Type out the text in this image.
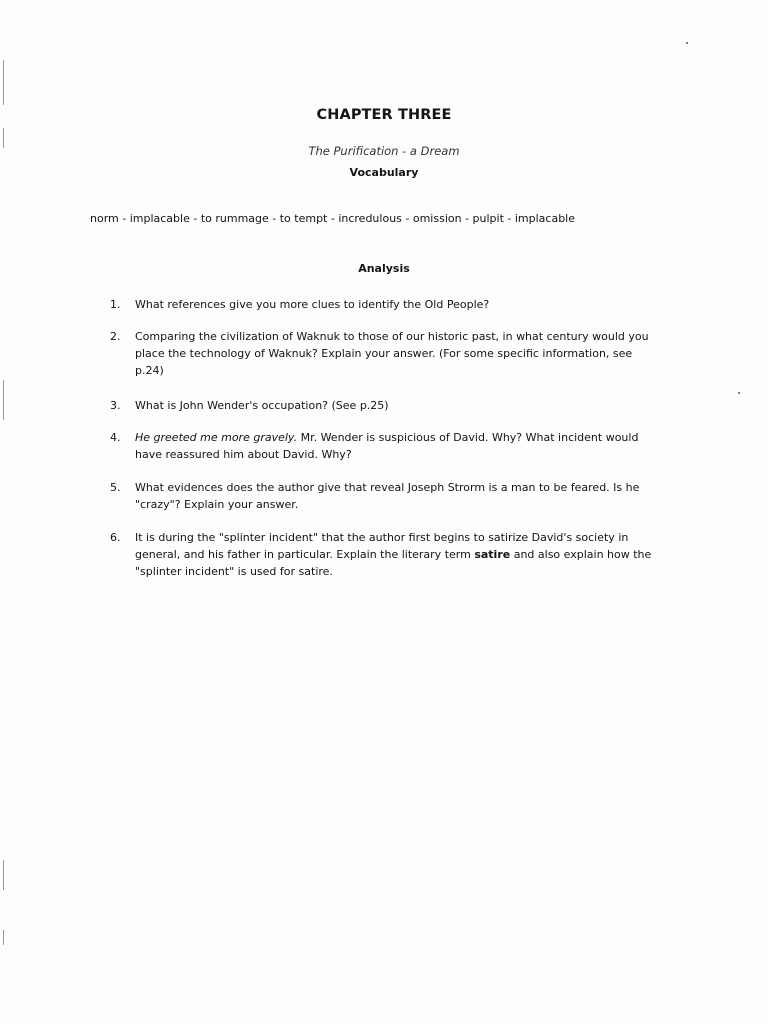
CHAPTER THREE
The Purification - a Dream
Vocabulary
norm - implacable - to rummage - to tempt - incredulous - omission - pulpit - implacable
Analysis
1. What references give you more clues to identify the Old People?
2. Comparing the civilization of Waknuk to those of our historic past, in what century would you
place the technology of Waknuk? Explain your answer. (For some specific information, see
p.24)
3. What is John Wender's occupation? (See p.25)
4. He greeted me more gravely. Mr. Wender is suspicious of David. Why? What incident would
have reassured him about David. Why?
5. What evidences does the author give that reveal Joseph Strorm is a man to be feared. Is he
"crazy"? Explain your answer.
6. It is during the "splinter incident" that the author first begins to satirize David's society in
general, and his father in particular. Explain the literary term satire and also explain how the
"splinter incident" is used for satire.
